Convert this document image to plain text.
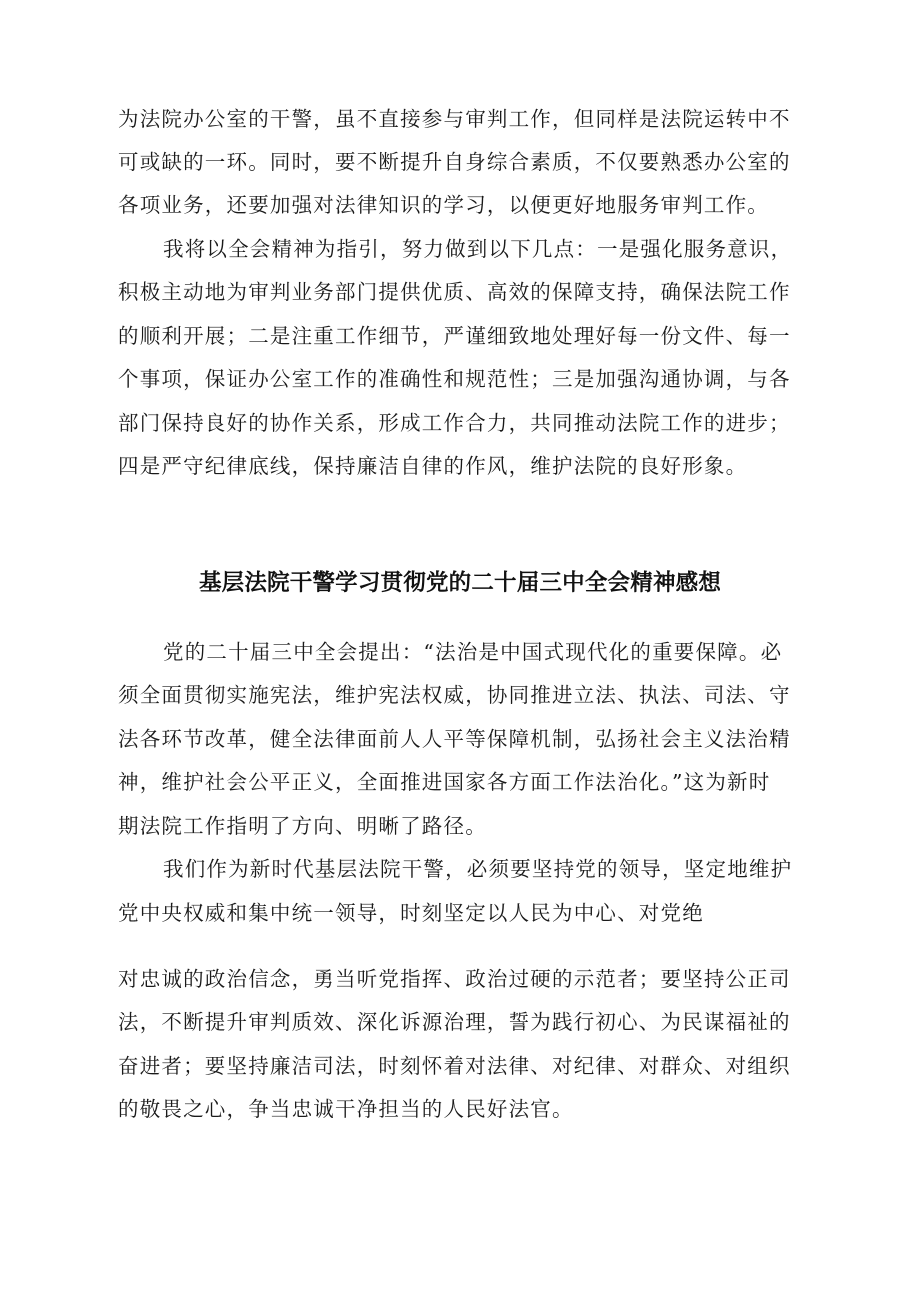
为法院办公室的干警，虽不直接参与审判工作，但同样是法院运转中不

可或缺的一环。同时，要不断提升自身综合素质，不仅要熟悉办公室的

各项业务，还要加强对法律知识的学习，以便更好地服务审判工作。

我将以全会精神为指引，努力做到以下几点：一是强化服务意识，

积极主动地为审判业务部门提供优质、高效的保障支持，确保法院工作

的顺利开展；二是注重工作细节，严谨细致地处理好每一份文件、每一

个事项，保证办公室工作的准确性和规范性；三是加强沟通协调，与各

部门保持良好的协作关系，形成工作合力，共同推动法院工作的进步；

四是严守纪律底线，保持廉洁自律的作风，维护法院的良好形象。

基层法院干警学习贯彻党的二十届三中全会精神感想

党的二十届三中全会提出：“法治是中国式现代化的重要保障。必

须全面贯彻实施宪法，维护宪法权威，协同推进立法、执法、司法、守

法各环节改革，健全法律面前人人平等保障机制，弘扬社会主义法治精

神，维护社会公平正义，全面推进国家各方面工作法治化。”这为新时

期法院工作指明了方向、明晰了路径。

我们作为新时代基层法院干警，必须要坚持党的领导，坚定地维护

党中央权威和集中统一领导，时刻坚定以人民为中心、对党绝

对忠诚的政治信念，勇当听党指挥、政治过硬的示范者；要坚持公正司

法，不断提升审判质效、深化诉源治理，誓为践行初心、为民谋福祉的

奋进者；要坚持廉洁司法，时刻怀着对法律、对纪律、对群众、对组织

的敬畏之心，争当忠诚干净担当的人民好法官。
